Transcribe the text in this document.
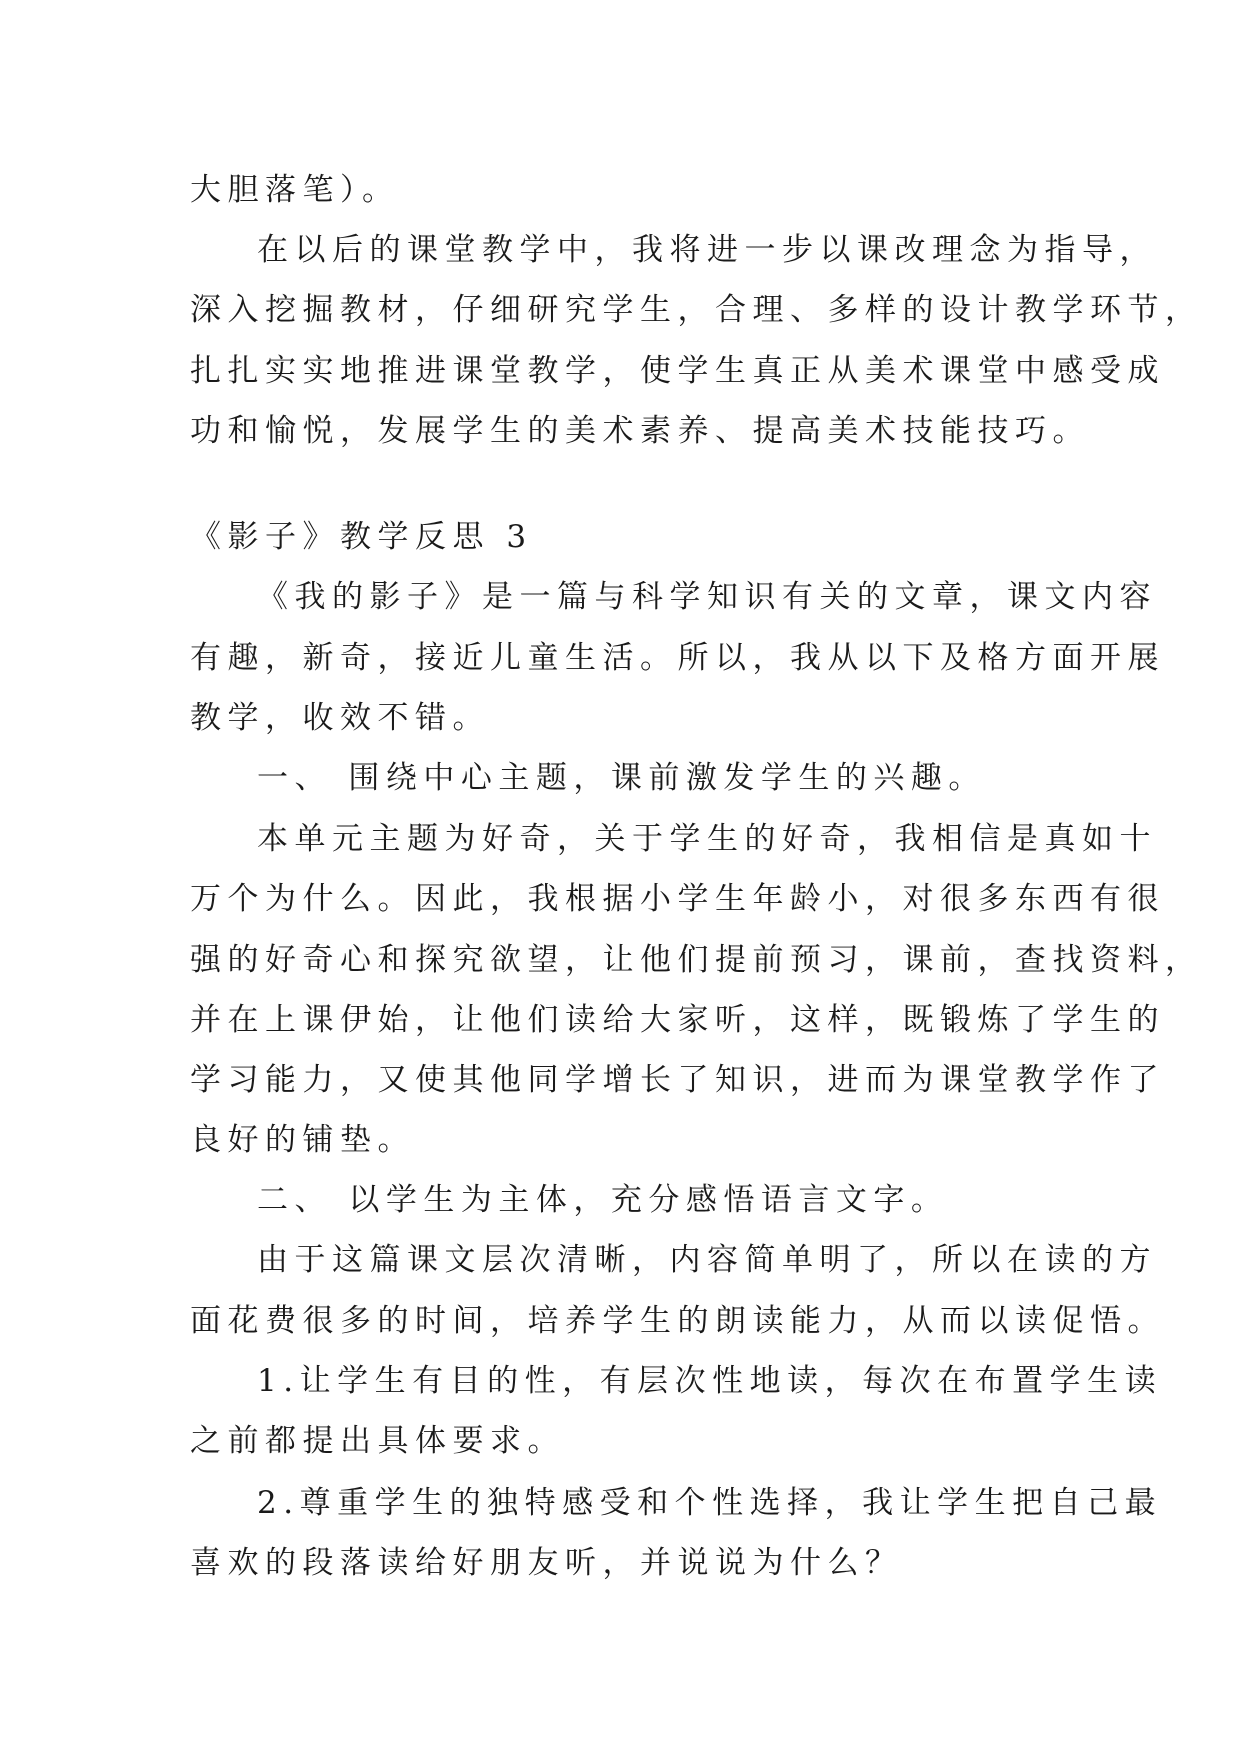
大胆落笔）。

在以后的课堂教学中，我将进一步以课改理念为指导，

深入挖掘教材，仔细研究学生，合理、多样的设计教学环节，

扎扎实实地推进课堂教学，使学生真正从美术课堂中感受成

功和愉悦，发展学生的美术素养、提高美术技能技巧。

《影子》教学反思 3

《我的影子》是一篇与科学知识有关的文章，课文内容

有趣，新奇，接近儿童生活。所以，我从以下及格方面开展

教学，收效不错。

一、 围绕中心主题，课前激发学生的兴趣。

本单元主题为好奇，关于学生的好奇，我相信是真如十

万个为什么。因此，我根据小学生年龄小，对很多东西有很

强的好奇心和探究欲望，让他们提前预习，课前，查找资料，

并在上课伊始，让他们读给大家听，这样，既锻炼了学生的

学习能力，又使其他同学增长了知识，进而为课堂教学作了

良好的铺垫。

二、 以学生为主体，充分感悟语言文字。

由于这篇课文层次清晰，内容简单明了，所以在读的方

面花费很多的时间，培养学生的朗读能力，从而以读促悟。

1.让学生有目的性，有层次性地读，每次在布置学生读

之前都提出具体要求。

2.尊重学生的独特感受和个性选择，我让学生把自己最

喜欢的段落读给好朋友听，并说说为什么？
